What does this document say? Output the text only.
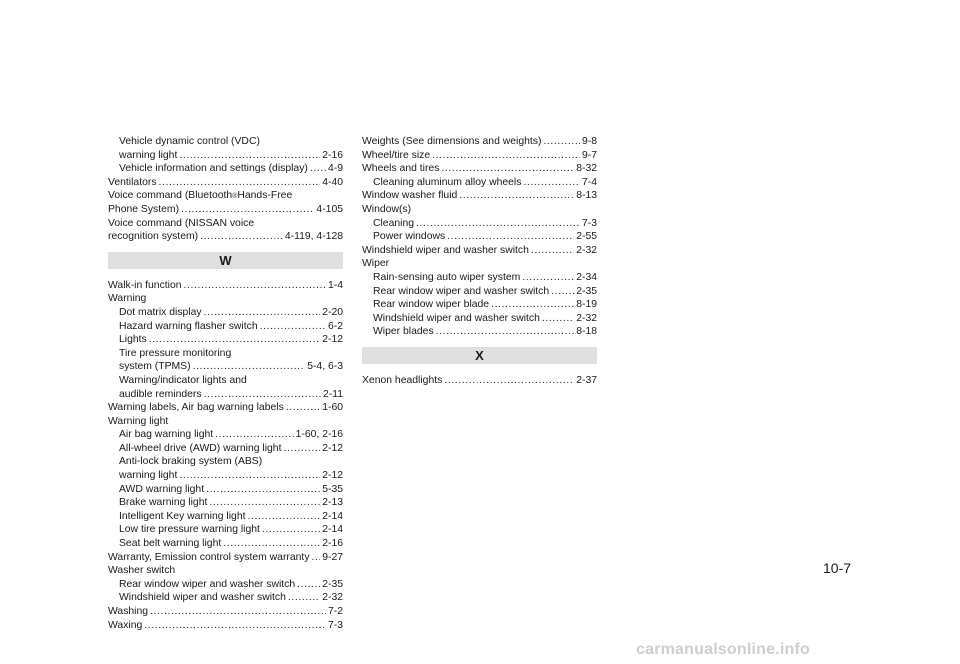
Vehicle dynamic control (VDC)
warning light .....	2-16
Vehicle information and settings (display) ..... 4-9
Ventilators .....	4-40
Voice command (Bluetooth ® Hands-Free
Phone System) .....	4-105
Voice command (NISSAN voice
recognition system) .....	4-119, 4-128
W
Walk-in function .....	1-4
Warning
Dot matrix display .....	2-20
Hazard warning flasher switch .....	6-2
Lights .....	2-12
Tire pressure monitoring
system (TPMS) .....	5-4, 6-3
Warning/indicator lights and
audible reminders .....	2-11
Warning labels, Air bag warning labels .....	1-60
Warning light
Air bag warning light .....	1-60, 2-16
All-wheel drive (AWD) warning light .....	2-12
Anti-lock braking system (ABS)
warning light .....	2-12
AWD warning light .....	5-35
Brake warning light .....	2-13
Intelligent Key warning light .....	2-14
Low tire pressure warning light .....	2-14
Seat belt warning light .....	2-16
Warranty, Emission control system warranty ..... 9-27
Washer switch
Rear window wiper and washer switch .....	2-35
Windshield wiper and washer switch .....	2-32
Washing .....	7-2
Waxing .....	7-3
Weights (See dimensions and weights) .....	9-8
Wheel/tire size .....	9-7
Wheels and tires .....	8-32
Cleaning aluminum alloy wheels .....	7-4
Window washer fluid .....	8-13
Window(s)
Cleaning .....	7-3
Power windows .....	2-55
Windshield wiper and washer switch .....	2-32
Wiper
Rain-sensing auto wiper system .....	2-34
Rear window wiper and washer switch .....	2-35
Rear window wiper blade .....	8-19
Windshield wiper and washer switch .....	2-32
Wiper blades .....	8-18
X
Xenon headlights .....	2-37
10-7
carmanualsonline.info
